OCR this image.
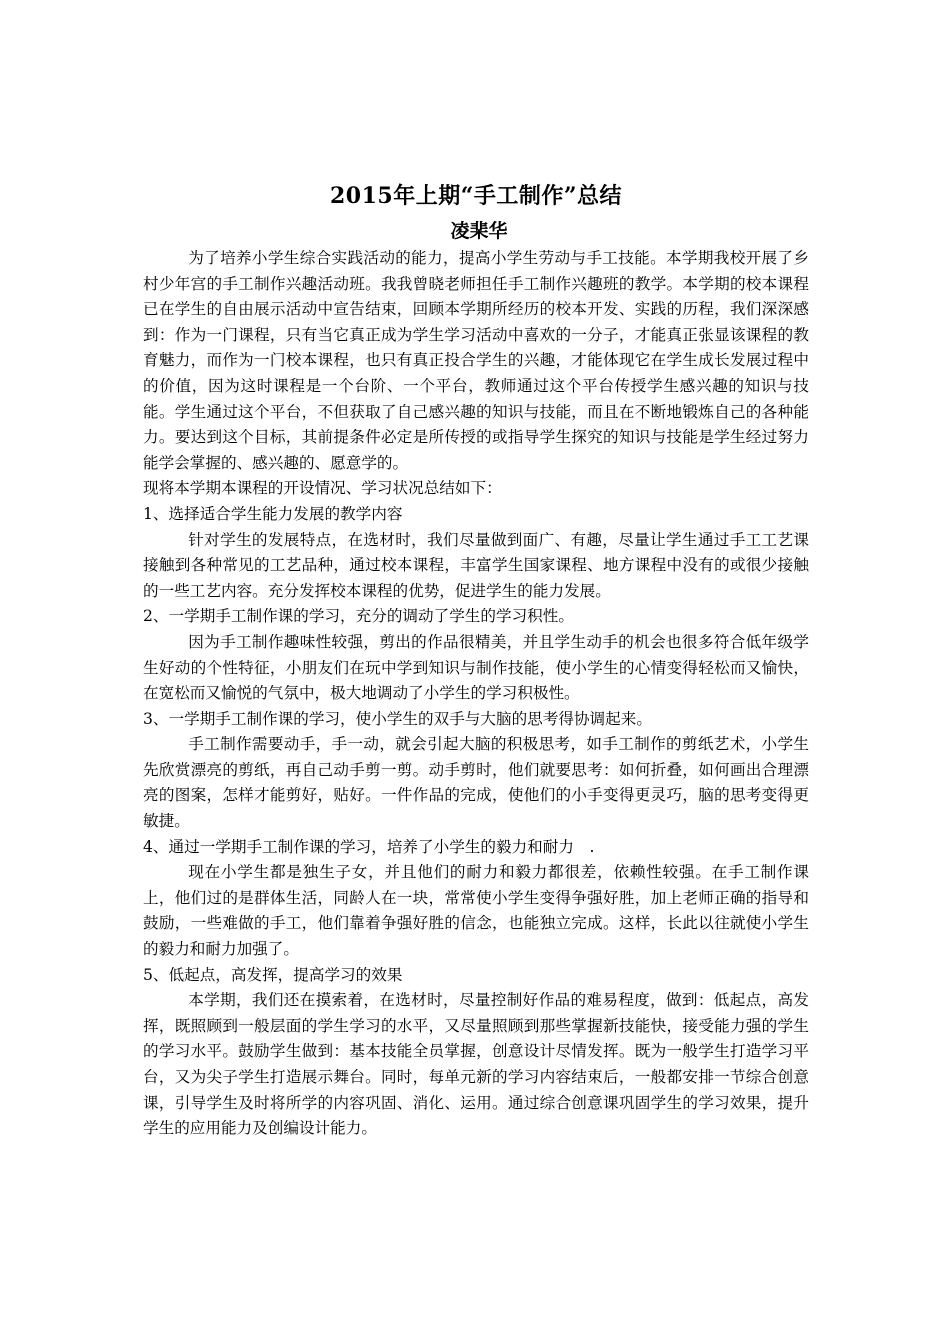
2015年上期“手工制作”总结

凌棐华

为了培养小学生综合实践活动的能力，提高小学生劳动与手工技能。本学期我校开展了乡村少年宫的手工制作兴趣活动班。我我曾晓老师担任手工制作兴趣班的教学。本学期的校本课程已在学生的自由展示活动中宣告结束，回顾本学期所经历的校本开发、实践的历程，我们深深感到：作为一门课程，只有当它真正成为学生学习活动中喜欢的一分子，才能真正张显该课程的教育魅力，而作为一门校本课程，也只有真正投合学生的兴趣，才能体现它在学生成长发展过程中的价值，因为这时课程是一个台阶、一个平台，教师通过这个平台传授学生感兴趣的知识与技能。学生通过这个平台，不但获取了自己感兴趣的知识与技能，而且在不断地锻炼自己的各种能力。要达到这个目标，其前提条件必定是所传授的或指导学生探究的知识与技能是学生经过努力能学会掌握的、感兴趣的、愿意学的。

现将本学期本课程的开设情况、学习状况总结如下：

1、选择适合学生能力发展的教学内容

针对学生的发展特点，在选材时，我们尽量做到面广、有趣，尽量让学生通过手工工艺课接触到各种常见的工艺品种，通过校本课程，丰富学生国家课程、地方课程中没有的或很少接触的一些工艺内容。充分发挥校本课程的优势，促进学生的能力发展。

2、一学期手工制作课的学习，充分的调动了学生的学习积性。

因为手工制作趣味性较强，剪出的作品很精美，并且学生动手的机会也很多符合低年级学生好动的个性特征，小朋友们在玩中学到知识与制作技能，使小学生的心情变得轻松而又愉快，在宽松而又愉悦的气氛中，极大地调动了小学生的学习积极性。

3、一学期手工制作课的学习，使小学生的双手与大脑的思考得协调起来。

手工制作需要动手，手一动，就会引起大脑的积极思考，如手工制作的剪纸艺术，小学生先欣赏漂亮的剪纸，再自己动手剪一剪。动手剪时，他们就要思考：如何折叠，如何画出合理漂亮的图案，怎样才能剪好，贴好。一件作品的完成，使他们的小手变得更灵巧，脑的思考变得更敏捷。

4、通过一学期手工制作课的学习，培养了小学生的毅力和耐力　.

现在小学生都是独生子女，并且他们的耐力和毅力都很差，依赖性较强。在手工制作课上，他们过的是群体生活，同龄人在一块，常常使小学生变得争强好胜，加上老师正确的指导和鼓励，一些难做的手工，他们靠着争强好胜的信念，也能独立完成。这样，长此以往就使小学生的毅力和耐力加强了。

5、低起点，高发挥，提高学习的效果

本学期，我们还在摸索着，在选材时，尽量控制好作品的难易程度，做到：低起点，高发挥，既照顾到一般层面的学生学习的水平，又尽量照顾到那些掌握新技能快，接受能力强的学生的学习水平。鼓励学生做到：基本技能全员掌握，创意设计尽情发挥。既为一般学生打造学习平台，又为尖子学生打造展示舞台。同时，每单元新的学习内容结束后，一般都安排一节综合创意课，引导学生及时将所学的内容巩固、消化、运用。通过综合创意课巩固学生的学习效果，提升学生的应用能力及创编设计能力。
